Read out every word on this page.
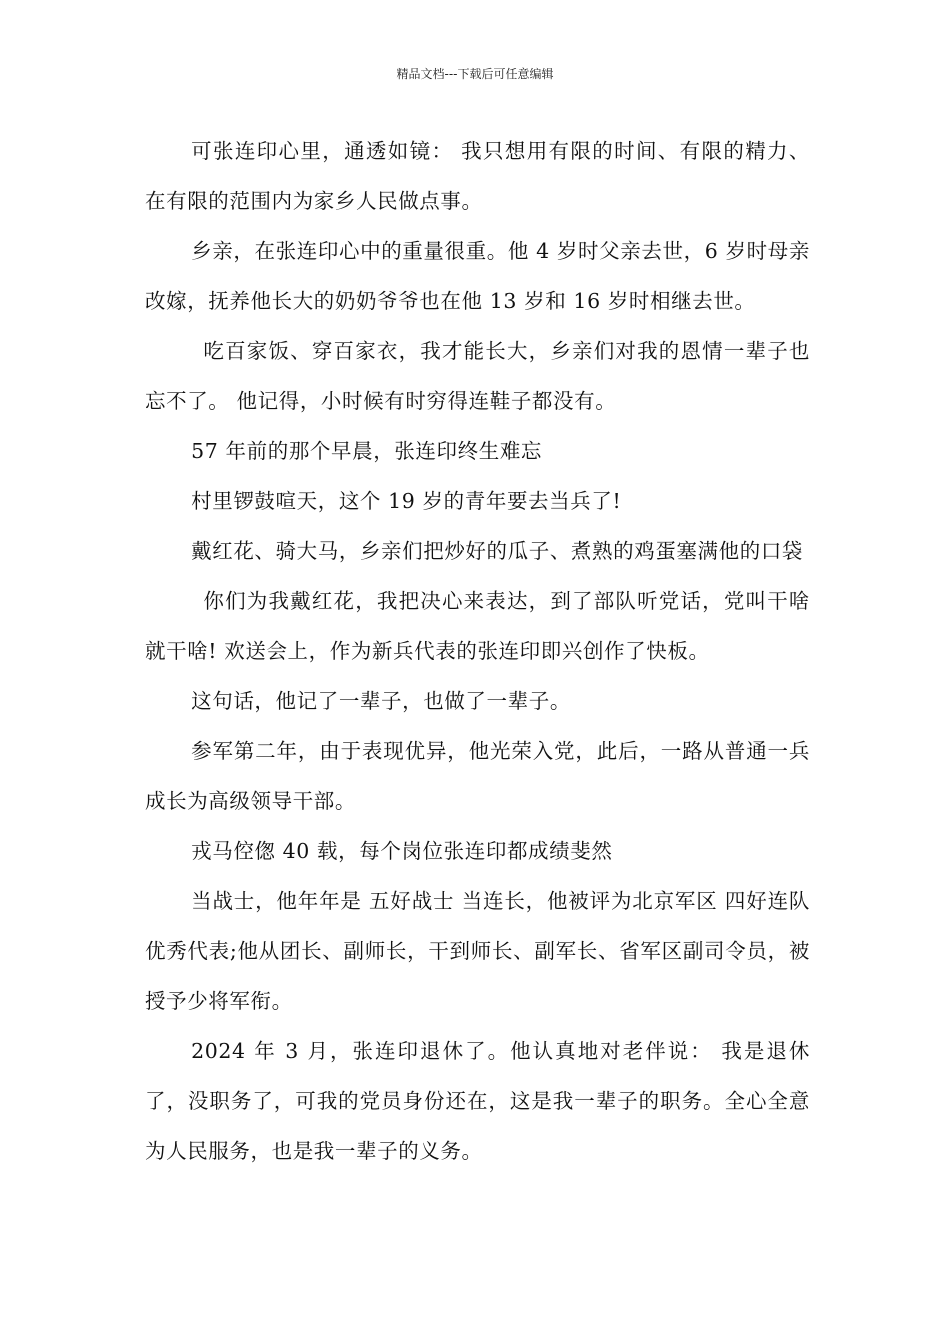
精品文档---下载后可任意编辑

可张连印心里，通透如镜： 我只想用有限的时间、有限的精力、在有限的范围内为家乡人民做点事。

乡亲，在张连印心中的重量很重。他 4 岁时父亲去世，6 岁时母亲改嫁，抚养他长大的奶奶爷爷也在他 13 岁和 16 岁时相继去世。

吃百家饭、穿百家衣，我才能长大，乡亲们对我的恩情一辈子也忘不了。 他记得，小时候有时穷得连鞋子都没有。

57 年前的那个早晨，张连印终生难忘

村里锣鼓喧天，这个 19 岁的青年要去当兵了!

戴红花、骑大马，乡亲们把炒好的瓜子、煮熟的鸡蛋塞满他的口袋

你们为我戴红花，我把决心来表达，到了部队听党话，党叫干啥就干啥! 欢送会上，作为新兵代表的张连印即兴创作了快板。

这句话，他记了一辈子，也做了一辈子。

参军第二年，由于表现优异，他光荣入党，此后，一路从普通一兵成长为高级领导干部。

戎马倥偬 40 载，每个岗位张连印都成绩斐然

当战士，他年年是 五好战士 当连长，他被评为北京军区 四好连队 优秀代表;他从团长、副师长，干到师长、副军长、省军区副司令员，被授予少将军衔。

2024 年 3 月，张连印退休了。他认真地对老伴说： 我是退休了，没职务了，可我的党员身份还在，这是我一辈子的职务。全心全意为人民服务，也是我一辈子的义务。
